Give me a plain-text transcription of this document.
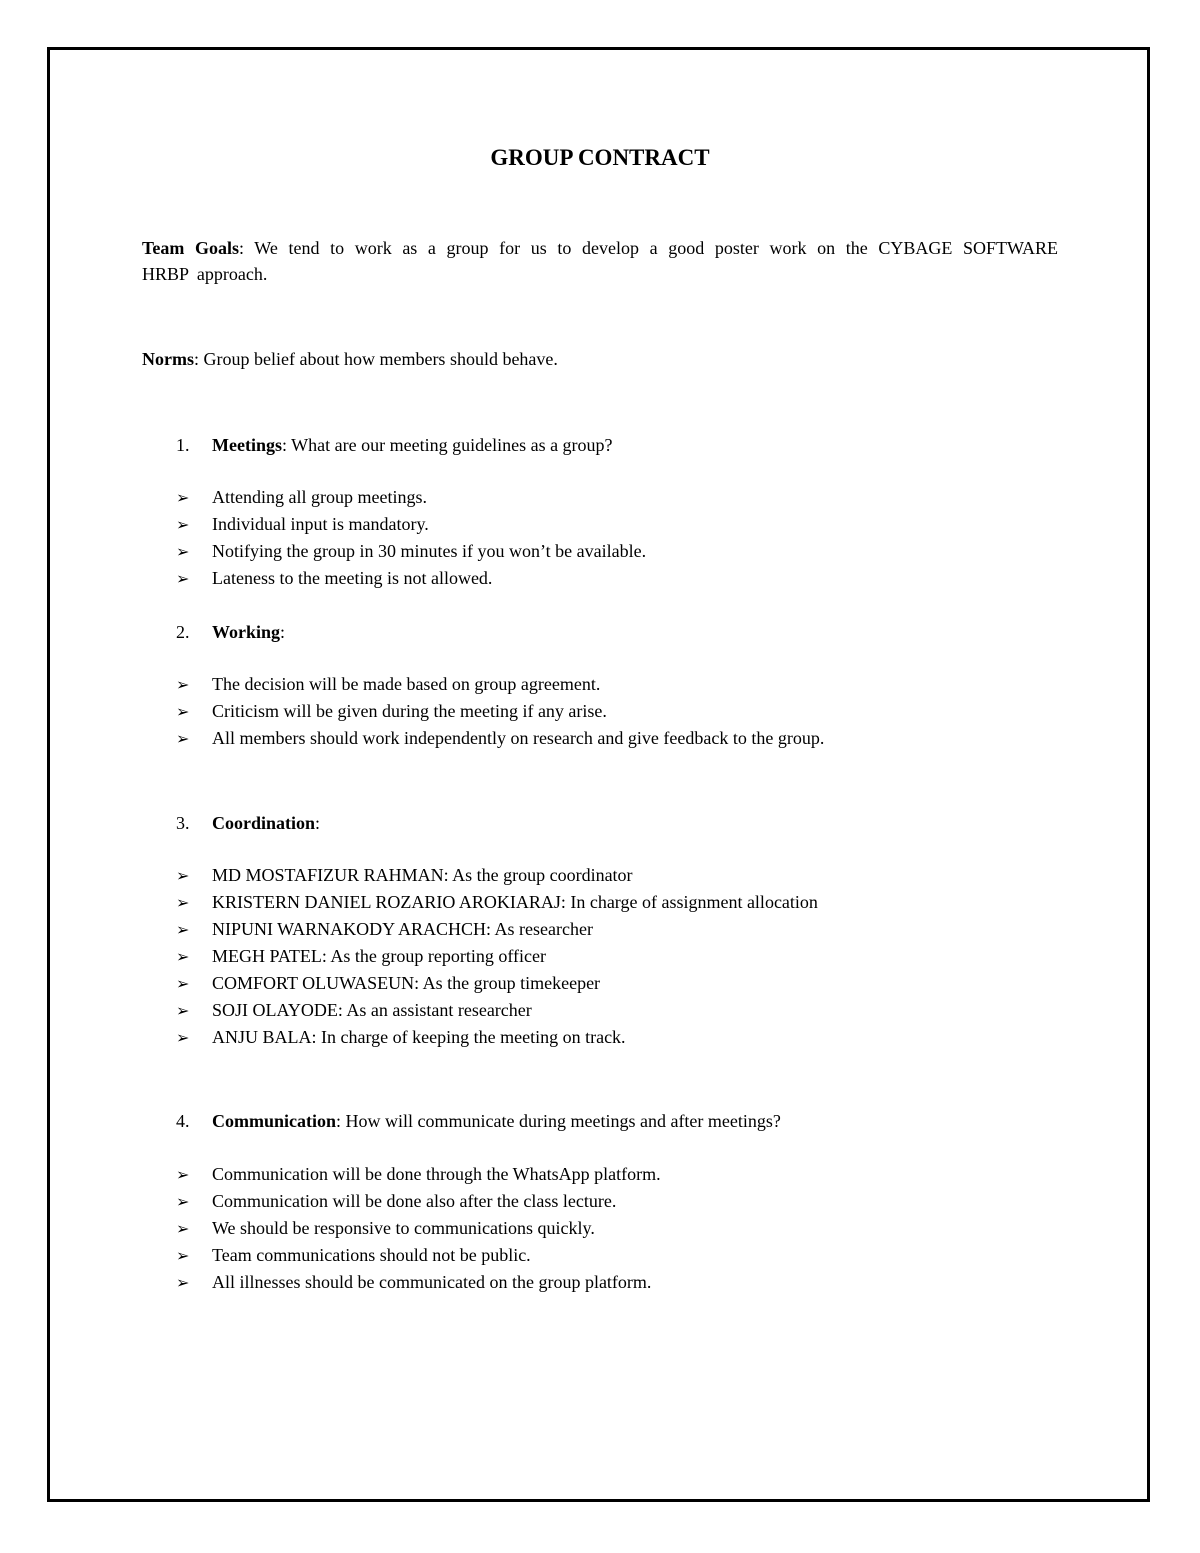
GROUP CONTRACT
Team Goals: We tend to work as a group for us to develop a good poster work on the CYBAGE SOFTWARE HRBP approach.
Norms: Group belief about how members should behave.
1. Meetings: What are our meeting guidelines as a group?
➢ Attending all group meetings.
➢ Individual input is mandatory.
➢ Notifying the group in 30 minutes if you won’t be available.
➢ Lateness to the meeting is not allowed.
2. Working:
➢ The decision will be made based on group agreement.
➢ Criticism will be given during the meeting if any arise.
➢ All members should work independently on research and give feedback to the group.
3. Coordination:
➢ MD MOSTAFIZUR RAHMAN: As the group coordinator
➢ KRISTERN DANIEL ROZARIO AROKIARAJ: In charge of assignment allocation
➢ NIPUNI WARNAKODY ARACHCH: As researcher
➢ MEGH PATEL: As the group reporting officer
➢ COMFORT OLUWASEUN: As the group timekeeper
➢ SOJI OLAYODE: As an assistant researcher
➢ ANJU BALA: In charge of keeping the meeting on track.
4. Communication: How will communicate during meetings and after meetings?
➢ Communication will be done through the WhatsApp platform.
➢ Communication will be done also after the class lecture.
➢ We should be responsive to communications quickly.
➢ Team communications should not be public.
➢ All illnesses should be communicated on the group platform.
